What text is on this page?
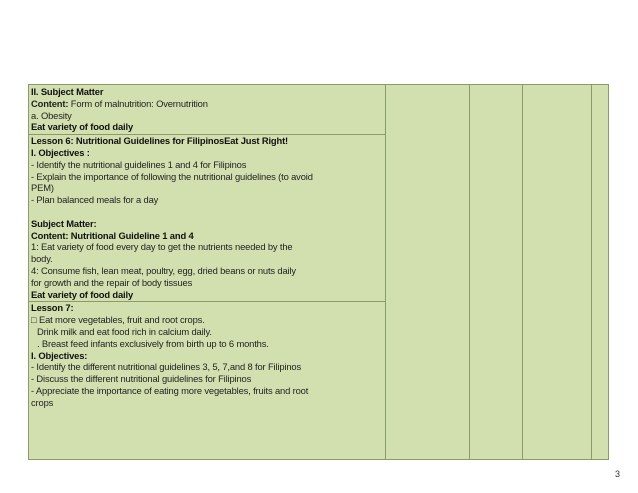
II. Subject Matter
Content: Form of malnutrition: Overnutrition
a. Obesity
Eat variety of food daily
Lesson 6: Nutritional Guidelines for FilipinosEat Just Right!
I. Objectives :
- Identify the nutritional guidelines 1 and 4 for Filipinos
- Explain the importance of following the nutritional guidelines (to avoid
PEM)
- Plan balanced meals for a day
Subject Matter:
Content: Nutritional Guideline 1 and 4
1: Eat variety of food every day to get the nutrients needed by the
body.
4: Consume fish, lean meat, poultry, egg, dried beans or nuts daily
for growth and the repair of body tissues
Eat variety of food daily
Lesson 7:
□ Eat more vegetables, fruit and root crops.
Drink milk and eat food rich in calcium daily.
. Breast feed infants exclusively from birth up to 6 months.
I. Objectives:
- Identify the different nutritional guidelines 3, 5, 7,and 8 for Filipinos
- Discuss the different nutritional guidelines for Filipinos
- Appreciate the importance of eating more vegetables, fruits and root
crops

3
